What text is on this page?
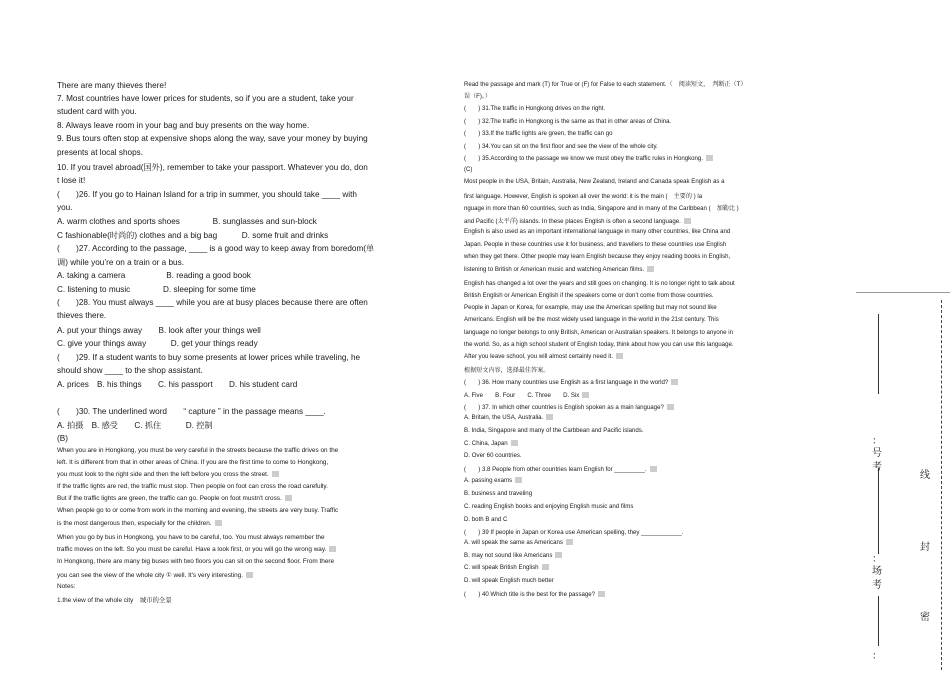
There are many thieves there!
7. Most countries have lower prices for students, so if you are a student, take your
student card with you.
8. Always leave room in your bag and buy presents on the way home.
9. Bus tours often stop at expensive shops along the way, save your money by buying
presents at local shops.
10. If you travel abroad(国外), remember to take your passport. Whatever you do, don
t lose it!
(　　)26. If you go to Hainan Island for a trip in summer, you should take ____ with
you.
A. warm clothes and sports shoes　　　　B. sunglasses and sun-block
C fashionable(时尚的) clothes and a big bag　　　D. some fruit and drinks
(　　)27. According to the passage, ____ is a good way to keep away from boredom(单
调) while you’re on a train or a bus.
A. taking a camera　　　　　B. reading a good book
C. listening to music　　　　D. sleeping for some time
(　　)28. You must always ____ while you are at busy places because there are often
thieves there.
A. put your things away　　B. look after your things well
C. give your things away　　　D. get your things ready
(　　)29. If a student wants to buy some presents at lower prices while traveling, he
should show ____ to the shop assistant.
A. prices　B. his things　　C. his passport　　D. his student card
(　　)30. The underlined word　　“ capture ” in the passage means ____.
A. 拍摄　B. 感受　　C. 抓住　　　D. 控制
(B)
When you are in Hongkong, you must be very careful in the streets because the traffic drives on the
left. It is different from that in other areas of China. If you are the first time to come to Hongkong,
you must look to the right side and then the left before you cross the street.
If the traffic lights are red, the traffic must stop. Then people on foot can cross the road carefully.
But if the traffic lights are green, the traffic can go. People on foot mustn't cross.
When people go to or come from work in the morning and evening, the streets are very busy. Traffic
is the most dangerous then, especially for the children.
When you go by bus in Hongkong, you have to be careful, too. You must always remember the
traffic moves on the left. So you must be careful. Have a look first, or you will go the wrong way.
In Hongkong, there are many big buses with two floors you can sit on the second floor. From there
you can see the view of the whole city ① well. It's very interesting.
Notes:
1.the view of the whole city　城市的全景
Read the passage and mark (T) for True or (F) for False to each statement.（　阅读短文，　判断正（T）
误（F)。）
(　　) 31.The traffic in Hongkong drives on the right.
(　　) 32.The traffic in Hongkong is the same as that in other areas of China.
(　　) 33.If the traffic lights are green, the traffic can go
(　　) 34.You can sit on the first floor and see the view of the whole city.
(　　) 35.According to the passage we know we must obey the traffic rules in Hongkong.
(C)
Most people in the USA, Britain, Australia, New Zealand, Ireland and Canada speak English as a
first language. However, English is spoken all over the world: it is the main (　主要的 ) la
nguage in more than 60 countries, such as India, Singapore and in many of the Caribbean (　加勒比 )
and Pacific (太平洋) islands. In these places English is often a second language.
English is also used as an important international language in many other countries, like China and
Japan. People in these countries use it for business, and travellers to these countries use English
when they get there. Other people may learn English because they enjoy reading books in English,
listening to British or American music and watching American films.
English has changed a lot over the years and still goes on changing. It is no longer right to talk about
British English or American English if the speakers come or don’t come from those countries.
People in Japan or Korea, for example, may use the American spelling but may not sound like
Americans. English will be the most widely used language in the world in the 21st century. This
language no longer belongs to only British, American or Australian speakers. It belongs to anyone in
the world. So, as a high school student of English today, think about how you can use this language.
After you leave school, you will almost certainly need it.
根据短文内容，选择最佳答案。
(　　) 36. How many countries use English as a first language in the world?
A. Five　　B. Four　　C. Three　　D. Six
(　　) 37. In which other countries is English spoken as a main language?
A. Britain, the USA, Australia.
B. India, Singapore and many of the Carbbean and Pacific islands.
C. China, Japan
D. Over 60 countries.
(　　) 3.8 People from other countries learn English for _________.
A. passing exams
B. business and traveling
C. reading English books and enjoying English music and films
D. both B and C
(　　) 39 If people in Japan or Korea use American spelling, they ____________.
A. will speak the same as Americans
B. may not sound like Americans
C. will speak British English
D. will speak English much better
(　　) 40 Which title is the best for the passage?
：
号
考
：
场
考
：
线
封
密
